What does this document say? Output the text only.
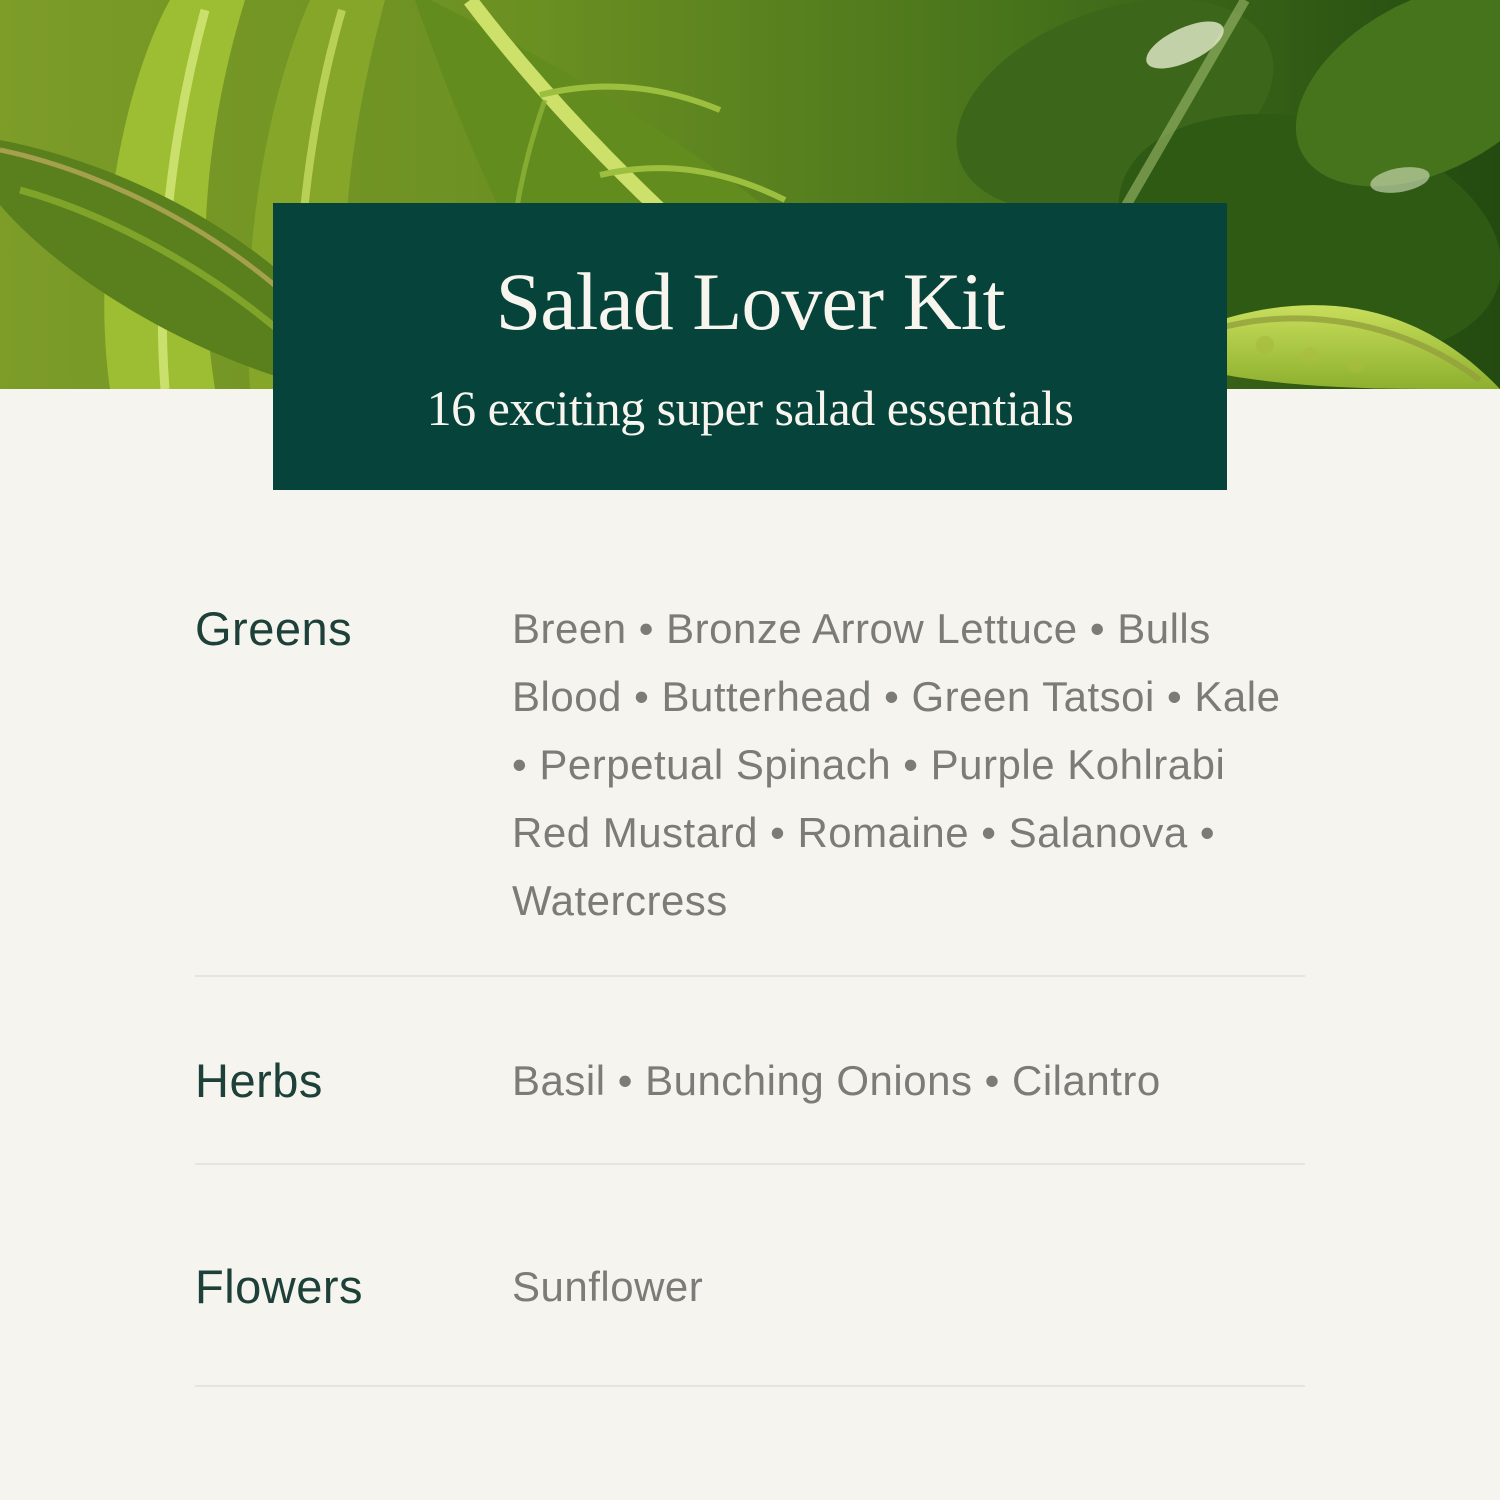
Salad Lover Kit
16 exciting super salad essentials
Greens	Breen • Bronze Arrow Lettuce • Bulls Blood • Butterhead • Green Tatsoi • Kale • Perpetual Spinach • Purple Kohlrabi Red Mustard • Romaine • Salanova • Watercress
Herbs	Basil • Bunching Onions • Cilantro
Flowers	Sunflower
